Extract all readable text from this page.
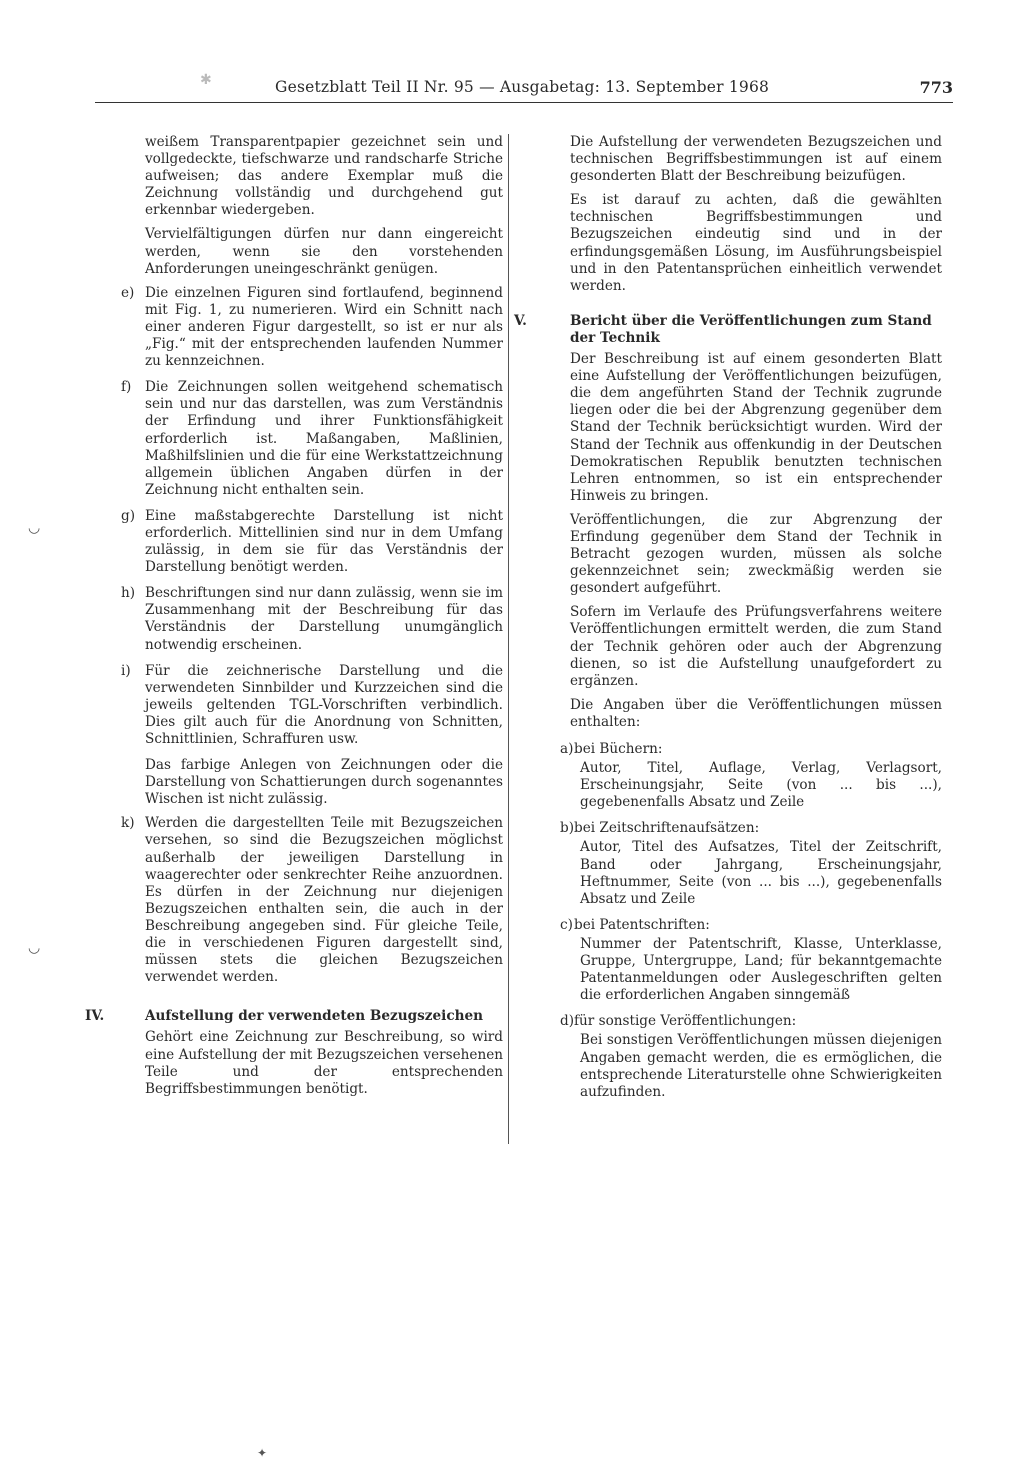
Gesetzblatt Teil II Nr. 95 — Ausgabetag: 13. September 1968	773

weißem Transparentpapier gezeichnet sein und vollgedeckte, tiefschwarze und randscharfe Striche aufweisen; das andere Exemplar muß die Zeichnung vollständig und durchgehend gut erkennbar wiedergeben.

Vervielfältigungen dürfen nur dann eingereicht werden, wenn sie den vorstehenden Anforderungen uneingeschränkt genügen.

e) Die einzelnen Figuren sind fortlaufend, beginnend mit Fig. 1, zu numerieren. Wird ein Schnitt nach einer anderen Figur dargestellt, so ist er nur als „Fig.“ mit der entsprechenden laufenden Nummer zu kennzeichnen.
f) Die Zeichnungen sollen weitgehend schematisch sein und nur das darstellen, was zum Verständnis der Erfindung und ihrer Funktionsfähigkeit erforderlich ist. Maßangaben, Maßlinien, Maßhilfslinien und die für eine Werkstattzeichnung allgemein üblichen Angaben dürfen in der Zeichnung nicht enthalten sein.
g) Eine maßstabgerechte Darstellung ist nicht erforderlich. Mittellinien sind nur in dem Umfang zulässig, in dem sie für das Verständnis der Darstellung benötigt werden.
h) Beschriftungen sind nur dann zulässig, wenn sie im Zusammenhang mit der Beschreibung für das Verständnis der Darstellung unumgänglich notwendig erscheinen.
i) Für die zeichnerische Darstellung und die verwendeten Sinnbilder und Kurzzeichen sind die jeweils geltenden TGL-Vorschriften verbindlich. Dies gilt auch für die Anordnung von Schnitten, Schnittlinien, Schraffuren usw.

Das farbige Anlegen von Zeichnungen oder die Darstellung von Schattierungen durch sogenanntes Wischen ist nicht zulässig.

k) Werden die dargestellten Teile mit Bezugszeichen versehen, so sind die Bezugszeichen möglichst außerhalb der jeweiligen Darstellung in waagerechter oder senkrechter Reihe anzuordnen. Es dürfen in der Zeichnung nur diejenigen Bezugszeichen enthalten sein, die auch in der Beschreibung angegeben sind. Für gleiche Teile, die in verschiedenen Figuren dargestellt sind, müssen stets die gleichen Bezugszeichen verwendet werden.
IV.	Aufstellung der verwendeten Bezugszeichen

Gehört eine Zeichnung zur Beschreibung, so wird eine Aufstellung der mit Bezugszeichen versehenen Teile und der entsprechenden Begriffsbestimmungen benötigt.

Die Aufstellung der verwendeten Bezugszeichen und technischen Begriffsbestimmungen ist auf einem gesonderten Blatt der Beschreibung beizufügen.

Es ist darauf zu achten, daß die gewählten technischen Begriffsbestimmungen und Bezugszeichen eindeutig sind und in der erfindungsgemäßen Lösung, im Ausführungsbeispiel und in den Patentansprüchen einheitlich verwendet werden.

V.	Bericht über die Veröffentlichungen zum Stand der Technik

Der Beschreibung ist auf einem gesonderten Blatt eine Aufstellung der Veröffentlichungen beizufügen, die dem angeführten Stand der Technik zugrunde liegen oder die bei der Abgrenzung gegenüber dem Stand der Technik berücksichtigt wurden. Wird der Stand der Technik aus offenkundig in der Deutschen Demokratischen Republik benutzten technischen Lehren entnommen, so ist ein entsprechender Hinweis zu bringen.

Veröffentlichungen, die zur Abgrenzung der Erfindung gegenüber dem Stand der Technik in Betracht gezogen wurden, müssen als solche gekennzeichnet sein; zweckmäßig werden sie gesondert aufgeführt.

Sofern im Verlaufe des Prüfungsverfahrens weitere Veröffentlichungen ermittelt werden, die zum Stand der Technik gehören oder auch der Abgrenzung dienen, so ist die Aufstellung unaufgefordert zu ergänzen.

Die Angaben über die Veröffentlichungen müssen enthalten:

a) bei Büchern:

Autor, Titel, Auflage, Verlag, Verlagsort, Erscheinungsjahr, Seite (von ... bis ...), gegebenenfalls Absatz und Zeile

b) bei Zeitschriftenaufsätzen:

Autor, Titel des Aufsatzes, Titel der Zeitschrift, Band oder Jahrgang, Erscheinungsjahr, Heftnummer, Seite (von ... bis ...), gegebenenfalls Absatz und Zeile

c) bei Patentschriften:

Nummer der Patentschrift, Klasse, Unterklasse, Gruppe, Untergruppe, Land; für bekanntgemachte Patentanmeldungen oder Auslegeschriften gelten die erforderlichen Angaben sinngemäß

d) für sonstige Veröffentlichungen:

Bei sonstigen Veröffentlichungen müssen diejenigen Angaben gemacht werden, die es ermöglichen, die entsprechende Literaturstelle ohne Schwierigkeiten aufzufinden.

✱
◡
◡
✦
